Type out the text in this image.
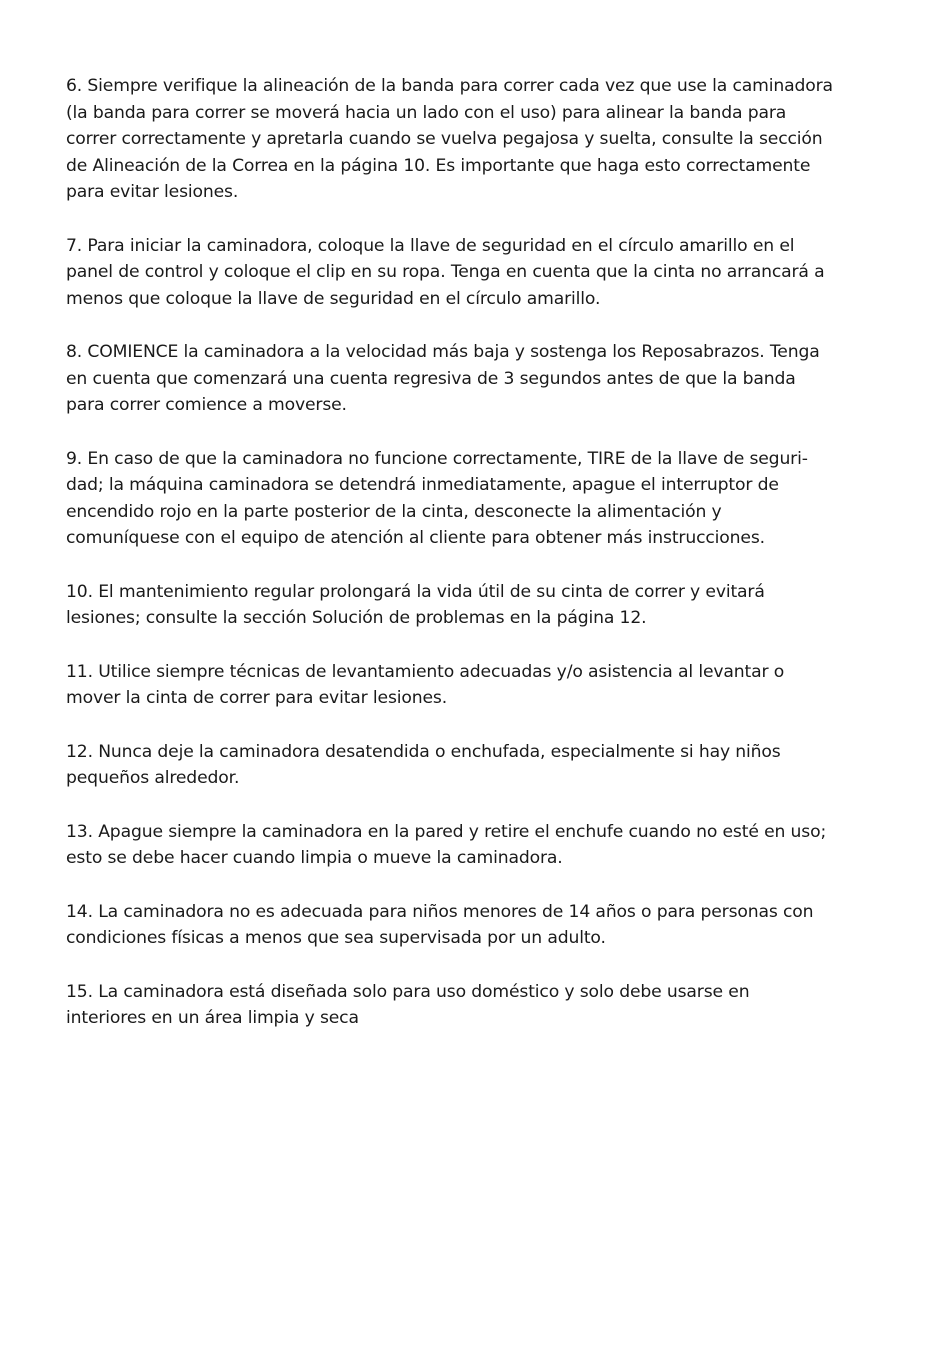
6. Siempre verifique la alineación de la banda para correr cada vez que use la caminadora
(la banda para correr se moverá hacia un lado con el uso) para alinear la banda para
correr correctamente y apretarla cuando se vuelva pegajosa y suelta, consulte la sección
de Alineación de la Correa en la página 10. Es importante que haga esto correctamente
para evitar lesiones.

7. Para iniciar la caminadora, coloque la llave de seguridad en el círculo amarillo en el
panel de control y coloque el clip en su ropa. Tenga en cuenta que la cinta no arrancará a
menos que coloque la llave de seguridad en el círculo amarillo.

8. COMIENCE la caminadora a la velocidad más baja y sostenga los Reposabrazos. Tenga
en cuenta que comenzará una cuenta regresiva de 3 segundos antes de que la banda
para correr comience a moverse.

9. En caso de que la caminadora no funcione correctamente, TIRE de la llave de seguri-
dad; la máquina caminadora se detendrá inmediatamente, apague el interruptor de
encendido rojo en la parte posterior de la cinta, desconecte la alimentación y
comuníquese con el equipo de atención al cliente para obtener más instrucciones.

10. El mantenimiento regular prolongará la vida útil de su cinta de correr y evitará
lesiones; consulte la sección Solución de problemas en la página 12.

11. Utilice siempre técnicas de levantamiento adecuadas y/o asistencia al levantar o
mover la cinta de correr para evitar lesiones.

12. Nunca deje la caminadora desatendida o enchufada, especialmente si hay niños
pequeños alrededor.

13. Apague siempre la caminadora en la pared y retire el enchufe cuando no esté en uso;
esto se debe hacer cuando limpia o mueve la caminadora.

14. La caminadora no es adecuada para niños menores de 14 años o para personas con
condiciones físicas a menos que sea supervisada por un adulto.

15. La caminadora está diseñada solo para uso doméstico y solo debe usarse en
interiores en un área limpia y seca
